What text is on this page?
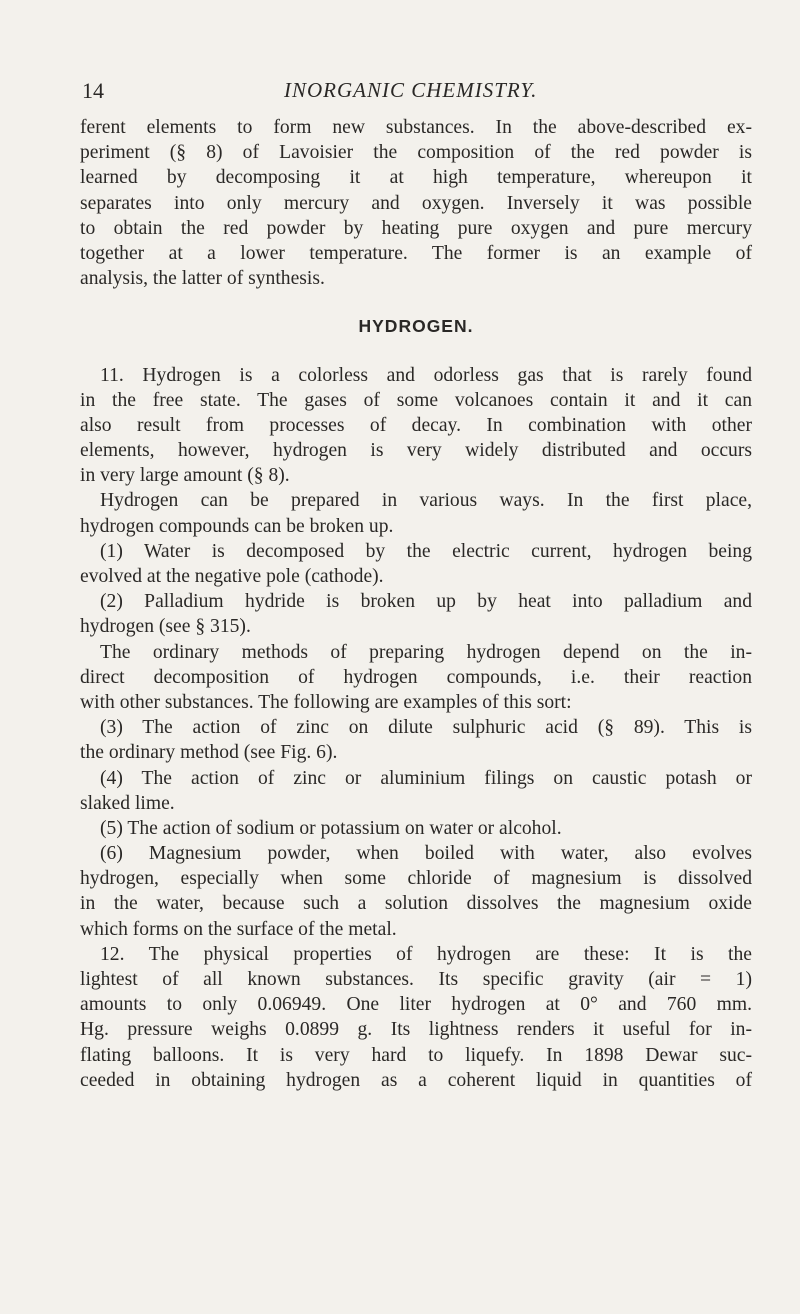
14	INORGANIC CHEMISTRY.
ferent elements to form new substances. In the above-described ex-
periment (§ 8) of Lavoisier the composition of the red powder is
learned by decomposing it at high temperature, whereupon it
separates into only mercury and oxygen. Inversely it was possible
to obtain the red powder by heating pure oxygen and pure mercury
together at a lower temperature. The former is an example of
analysis, the latter of synthesis.
HYDROGEN.
11. Hydrogen is a colorless and odorless gas that is rarely found
in the free state. The gases of some volcanoes contain it and it can
also result from processes of decay. In combination with other
elements, however, hydrogen is very widely distributed and occurs
in very large amount (§ 8).
Hydrogen can be prepared in various ways. In the first place,
hydrogen compounds can be broken up.
(1) Water is decomposed by the electric current, hydrogen being
evolved at the negative pole (cathode).
(2) Palladium hydride is broken up by heat into palladium and
hydrogen (see § 315).
The ordinary methods of preparing hydrogen depend on the in-
direct decomposition of hydrogen compounds, i.e. their reaction
with other substances. The following are examples of this sort:
(3) The action of zinc on dilute sulphuric acid (§ 89). This is
the ordinary method (see Fig. 6).
(4) The action of zinc or aluminium filings on caustic potash or
slaked lime.
(5) The action of sodium or potassium on water or alcohol.
(6) Magnesium powder, when boiled with water, also evolves
hydrogen, especially when some chloride of magnesium is dissolved
in the water, because such a solution dissolves the magnesium oxide
which forms on the surface of the metal.
12. The physical properties of hydrogen are these: It is the
lightest of all known substances. Its specific gravity (air = 1)
amounts to only 0.06949. One liter hydrogen at 0° and 760 mm.
Hg. pressure weighs 0.0899 g. Its lightness renders it useful for in-
flating balloons. It is very hard to liquefy. In 1898 Dewar suc-
ceeded in obtaining hydrogen as a coherent liquid in quantities of
